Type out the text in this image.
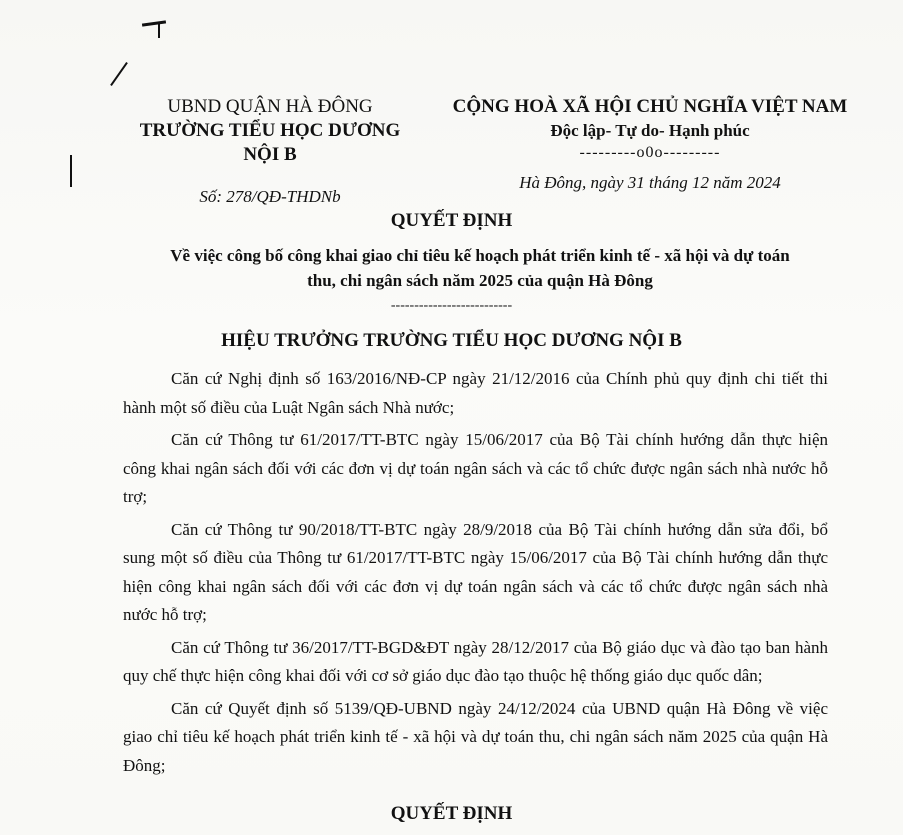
UBND QUẬN HÀ ĐÔNG
TRƯỜNG TIỂU HỌC DƯƠNG NỘI B
Số: 278/QĐ-THDNb
CỘNG HOÀ XÃ HỘI CHỦ NGHĨA VIỆT NAM
Độc lập- Tự do- Hạnh phúc
---------o0o---------
Hà Đông, ngày 31 tháng 12 năm 2024
QUYẾT ĐỊNH
Về việc công bố công khai giao chỉ tiêu kế hoạch phát triển kinh tế - xã hội và dự toán
thu, chi ngân sách năm 2025 của quận Hà Đông
--------------------------
HIỆU TRƯỞNG TRƯỜNG TIỂU HỌC DƯƠNG NỘI B

Căn cứ Nghị định số 163/2016/NĐ-CP ngày 21/12/2016 của Chính phủ quy định chi tiết thi hành một số điều của Luật Ngân sách Nhà nước;

Căn cứ Thông tư 61/2017/TT-BTC ngày 15/06/2017 của Bộ Tài chính hướng dẫn thực hiện công khai ngân sách đối với các đơn vị dự toán ngân sách và các tổ chức được ngân sách nhà nước hỗ trợ;

Căn cứ Thông tư 90/2018/TT-BTC ngày 28/9/2018 của Bộ Tài chính hướng dẫn sửa đổi, bổ sung một số điều của Thông tư 61/2017/TT-BTC ngày 15/06/2017 của Bộ Tài chính hướng dẫn thực hiện công khai ngân sách đối với các đơn vị dự toán ngân sách và các tổ chức được ngân sách nhà nước hỗ trợ;

Căn cứ Thông tư 36/2017/TT-BGD&ĐT ngày 28/12/2017 của Bộ giáo dục và đào tạo ban hành quy chế thực hiện công khai đối với cơ sở giáo dục đào tạo thuộc hệ thống giáo dục quốc dân;

Căn cứ Quyết định số 5139/QĐ-UBND ngày 24/12/2024 của UBND quận Hà Đông về việc giao chỉ tiêu kế hoạch phát triển kinh tế - xã hội và dự toán thu, chi ngân sách năm 2025 của quận Hà Đông;

QUYẾT ĐỊNH
